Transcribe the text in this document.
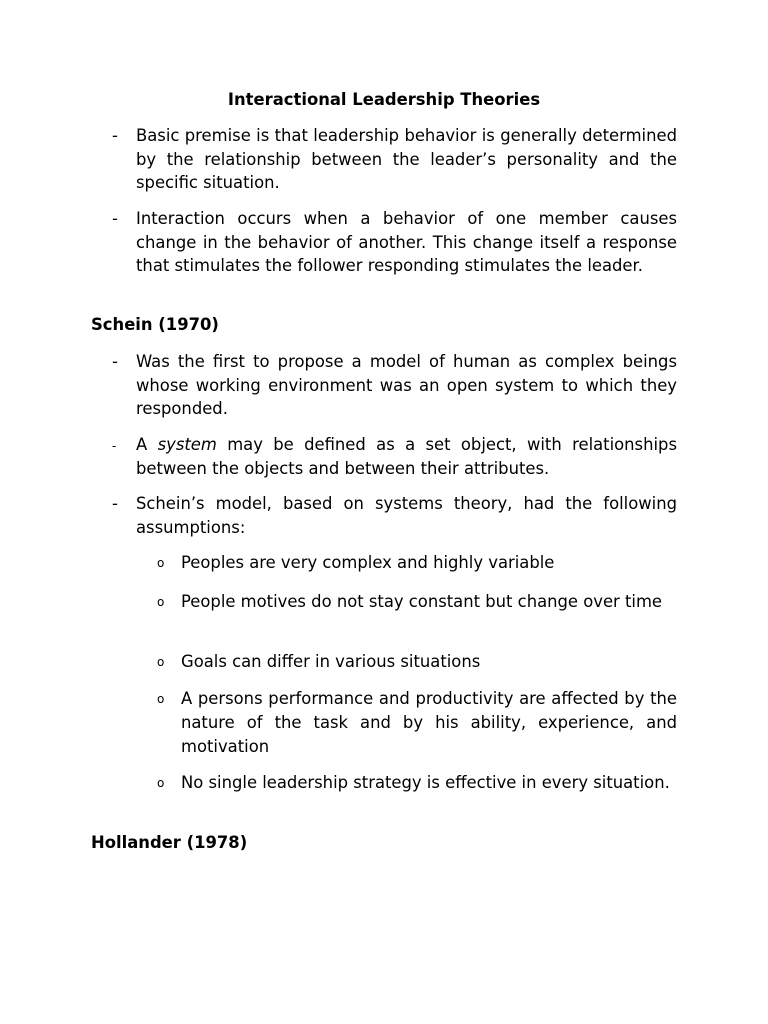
Interactional Leadership Theories
- Basic premise is that leadership behavior is generally determined by the relationship between the leader’s personality and the specific situation.
- Interaction occurs when a behavior of one member causes change in the behavior of another. This change itself a response that stimulates the follower responding stimulates the leader.
Schein (1970)
- Was the first to propose a model of human as complex beings whose working environment was an open system to which they responded.
- A system may be defined as a set object, with relationships between the objects and between their attributes.
- Schein’s model, based on systems theory, had the following assumptions:
o Peoples are very complex and highly variable
o People motives do not stay constant but change over time
o Goals can differ in various situations
o A persons performance and productivity are affected by the nature of the task and by his ability, experience, and motivation
o No single leadership strategy is effective in every situation.
Hollander (1978)
